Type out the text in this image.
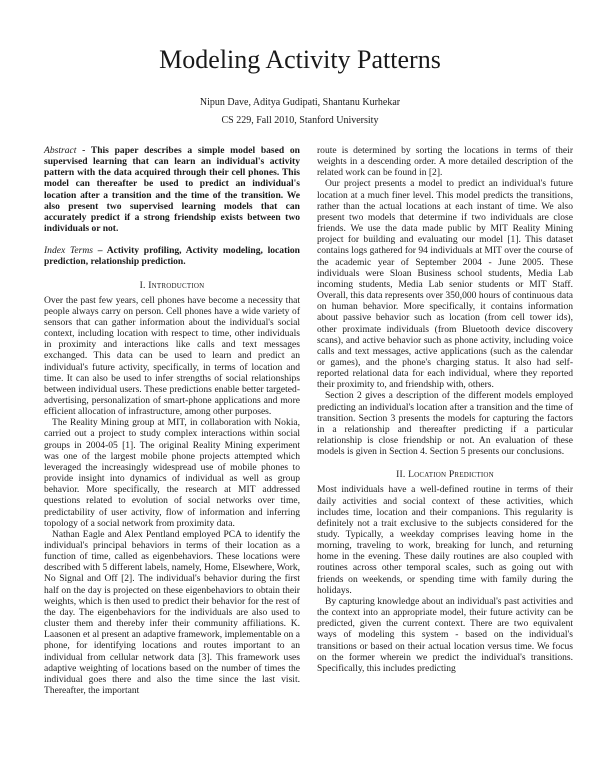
Modeling Activity Patterns
Nipun Dave, Aditya Gudipati, Shantanu Kurhekar
CS 229, Fall 2010, Stanford University

Abstract - This paper describes a simple model based on supervised learning that can learn an individual's activity pattern with the data acquired through their cell phones. This model can thereafter be used to predict an individual's location after a transition and the time of the transition. We also present two supervised learning models that can accurately predict if a strong friendship exists between two individuals or not.

Index Terms – Activity profiling, Activity modeling, location prediction, relationship prediction.

I. Introduction

Over the past few years, cell phones have become a necessity that people always carry on person. Cell phones have a wide variety of sensors that can gather information about the individual's social context, including location with respect to time, other individuals in proximity and interactions like calls and text messages exchanged. This data can be used to learn and predict an individual's future activity, specifically, in terms of location and time. It can also be used to infer strengths of social relationships between individual users. These predictions enable better targeted-advertising, personalization of smart-phone applications and more efficient allocation of infrastructure, among other purposes.

The Reality Mining group at MIT, in collaboration with Nokia, carried out a project to study complex interactions within social groups in 2004-05 [1]. The original Reality Mining experiment was one of the largest mobile phone projects attempted which leveraged the increasingly widespread use of mobile phones to provide insight into dynamics of individual as well as group behavior. More specifically, the research at MIT addressed questions related to evolution of social networks over time, predictability of user activity, flow of information and inferring topology of a social network from proximity data.

Nathan Eagle and Alex Pentland employed PCA to identify the individual's principal behaviors in terms of their location as a function of time, called as eigenbehaviors. These locations were described with 5 different labels, namely, Home, Elsewhere, Work, No Signal and Off [2]. The individual's behavior during the first half on the day is projected on these eigenbehaviors to obtain their weights, which is then used to predict their behavior for the rest of the day. The eigenbehaviors for the individuals are also used to cluster them and thereby infer their community affiliations. K. Laasonen et al present an adaptive framework, implementable on a phone, for identifying locations and routes important to an individual from cellular network data [3]. This framework uses adaptive weighting of locations based on the number of times the individual goes there and also the time since the last visit. Thereafter, the important

route is determined by sorting the locations in terms of their weights in a descending order. A more detailed description of the related work can be found in [2].

Our project presents a model to predict an individual's future location at a much finer level. This model predicts the transitions, rather than the actual locations at each instant of time. We also present two models that determine if two individuals are close friends. We use the data made public by MIT Reality Mining project for building and evaluating our model [1]. This dataset contains logs gathered for 94 individuals at MIT over the course of the academic year of September 2004 - June 2005. These individuals were Sloan Business school students, Media Lab incoming students, Media Lab senior students or MIT Staff. Overall, this data represents over 350,000 hours of continuous data on human behavior. More specifically, it contains information about passive behavior such as location (from cell tower ids), other proximate individuals (from Bluetooth device discovery scans), and active behavior such as phone activity, including voice calls and text messages, active applications (such as the calendar or games), and the phone's charging status. It also had self-reported relational data for each individual, where they reported their proximity to, and friendship with, others.

Section 2 gives a description of the different models employed predicting an individual's location after a transition and the time of transition. Section 3 presents the models for capturing the factors in a relationship and thereafter predicting if a particular relationship is close friendship or not. An evaluation of these models is given in Section 4. Section 5 presents our conclusions.

II. Location Prediction

Most individuals have a well-defined routine in terms of their daily activities and social context of these activities, which includes time, location and their companions. This regularity is definitely not a trait exclusive to the subjects considered for the study. Typically, a weekday comprises leaving home in the morning, traveling to work, breaking for lunch, and returning home in the evening. These daily routines are also coupled with routines across other temporal scales, such as going out with friends on weekends, or spending time with family during the holidays.

By capturing knowledge about an individual's past activities and the context into an appropriate model, their future activity can be predicted, given the current context. There are two equivalent ways of modeling this system - based on the individual's transitions or based on their actual location versus time. We focus on the former wherein we predict the individual's transitions. Specifically, this includes predicting
